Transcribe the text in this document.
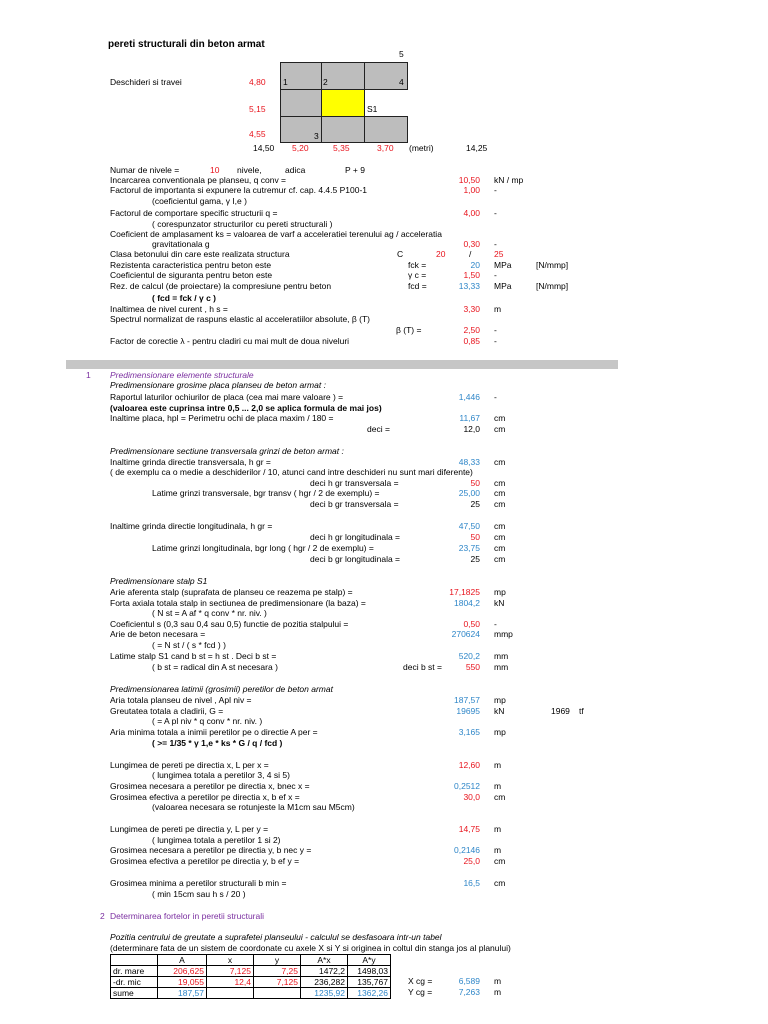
pereti structurali din beton armat
5
Deschideri si travei	4,80
5,15
4,55
1	2	4
S1
3
14,50 5,20	5,35	3,70 (metri)	14,25
Numar de nivele =	10 nivele,	adica	P + 9
Incarcarea conventionala pe planseu, q conv =	10,50 kN / mp
Factorul de importanta si expunere la cutremur cf. cap. 4.4.5 P100-1	1,00 -
(coeficientul gama, γ I,e )
Factorul de comportare specific structurii q =	4,00 -
( corespunzator structurilor cu pereti structurali )
Coeficient de amplasament ks = valoarea de varf a acceleratiei terenului ag / acceleratia
gravitationala g	0,30 -
Clasa betonului din care este realizata structura	C	20	/	25
Rezistenta caracteristica pentru beton este	fck =	20 MPa	[N/mmp]
Coeficientul de siguranta pentru beton este	γ c =	1,50 -
Rez. de calcul (de proiectare) la compresiune pentru beton	fcd =	13,33 MPa	[N/mmp]
( fcd = fck / γ c )
Inaltimea de nivel curent , h s =	3,30 m
Spectrul normalizat de raspuns elastic al acceleratiilor absolute, β (T)
β (T) =	2,50 -
Factor de corectie λ - pentru cladiri cu mai mult de doua niveluri	0,85 -
1 Predimensionare elemente structurale
Predimensionare grosime placa planseu de beton armat :
Raportul laturilor ochiurilor de placa (cea mai mare valoare ) =	1,446 -
(valoarea este cuprinsa intre 0,5 ... 2,0 se aplica formula de mai jos)
Inaltime placa, hpl = Perimetru ochi de placa maxim / 180 =	11,67 cm
deci =	12,0 cm
Predimensionare sectiune transversala grinzi de beton armat :
Inaltime grinda directie transversala, h gr =	48,33 cm
( de exemplu ca o medie a deschiderilor / 10, atunci cand intre deschideri nu sunt mari diferente)
deci h gr transversala =	50 cm
Latime grinzi transversale, bgr transv ( hgr / 2 de exemplu) =	25,00 cm
deci b gr transversala =	25 cm
Inaltime grinda directie longitudinala, h gr =	47,50 cm
deci h gr longitudinala =	50 cm
Latime grinzi longitudinala, bgr long ( hgr / 2 de exemplu) =	23,75 cm
deci b gr longitudinala =	25 cm
Predimensionare stalp S1
Arie aferenta stalp (suprafata de planseu ce reazema pe stalp) =	17,1825 mp
Forta axiala totala stalp in sectiunea de predimensionare (la baza) =	1804,2 kN
( N st = A af * q conv * nr. niv. )
Coeficientul s (0,3 sau 0,4 sau 0,5) functie de pozitia stalpului =	0,50 -
Arie de beton necesara =	270624 mmp
( = N st / ( s * fcd ) )
Latime stalp S1 cand b st = h st . Deci b st =	520,2 mm
( b st = radical din A st necesara )	deci b st =	550 mm
Predimensionarea latimii (grosimii) peretilor de beton armat
Aria totala planseu de nivel , Apl niv =	187,57 mp
Greutatea totala a cladirii, G =	19695 kN	1969 tf
( = A pl niv * q conv * nr. niv. )
Aria minima totala a inimii peretilor pe o directie A per =	3,165 mp
( >= 1/35 * γ 1,e * ks * G / q / fcd )
Lungimea de pereti pe directia x, L per x =	12,60 m
( lungimea totala a peretilor 3, 4 si 5)
Grosimea necesara a peretilor pe directia x, bnec x =	0,2512 m
Grosimea efectiva a peretilor pe directia x, b ef x =	30,0 cm
(valoarea necesara se rotunjeste la M1cm sau M5cm)
Lungimea de pereti pe directia y, L per y =	14,75 m
( lungimea totala a peretilor 1 si 2)
Grosimea necesara a peretilor pe directia y, b nec y =	0,2146 m
Grosimea efectiva a peretilor pe directia y, b ef y =	25,0 cm
Grosimea minima a peretilor structurali b min =	16,5 cm
( min 15cm sau h s / 20 )
2 Determinarea fortelor in peretii structurali
Pozitia centrului de greutate a suprafetei planseului - calculul se desfasoara intr-un tabel
(determinare fata de un sistem de coordonate cu axele X si Y si originea in coltul din stanga jos al planului)
	A	x	y	A*x	A*y
dr. mare	206,625	7,125	7,25	1472,2	1498,03
-dr. mic	19,055	12,4	7,125	236,282	135,767
sume	187,57			1235,92	1362,26
X cg =	6,589 m
Y cg =	7,263 m
